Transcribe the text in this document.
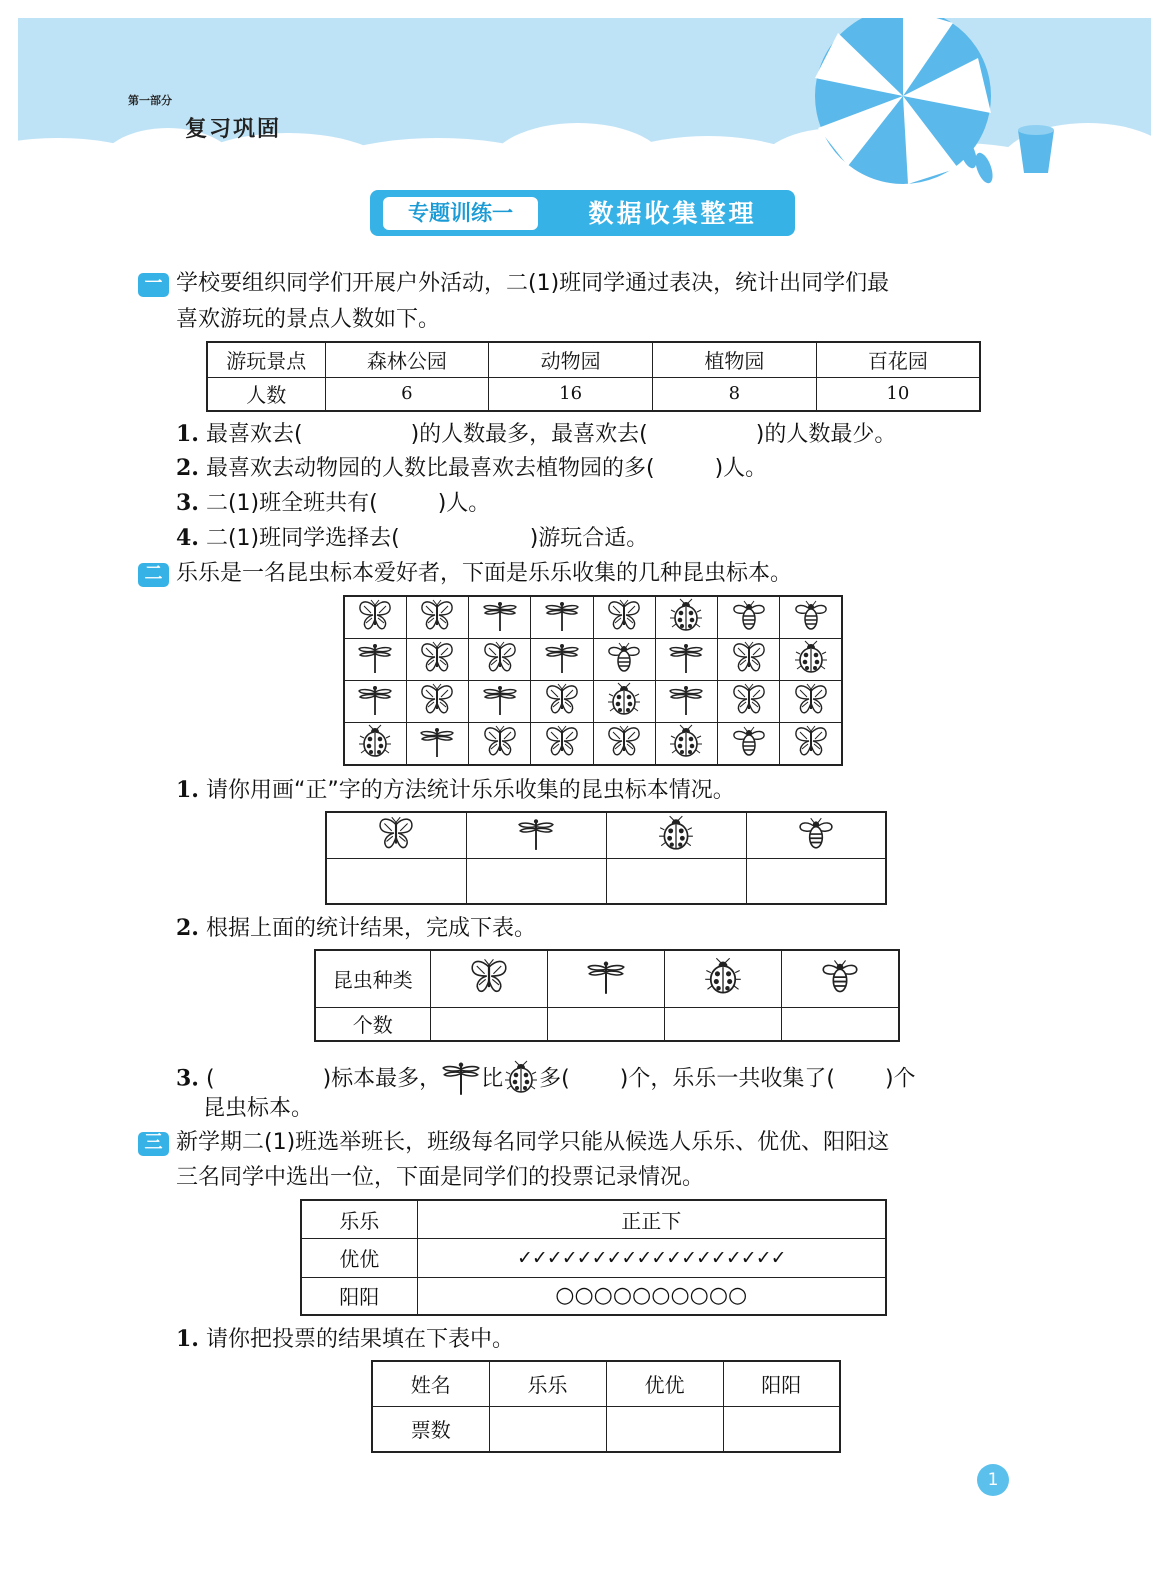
第一部分
复习巩固
专题训练一	数据收集整理
一 学校要组织同学们开展户外活动，二(1)班同学通过表决，统计出同学们最
喜欢游玩的景点人数如下。
游玩景点	森林公园	动物园	植物园	百花园
人数	6	16	8	10
1. 最喜欢去(	)的人数最多，最喜欢去(	)的人数最少。
2. 最喜欢去动物园的人数比最喜欢去植物园的多(	)人。
3. 二(1)班全班共有(	)人。
4. 二(1)班同学选择去(	)游玩合适。
二 乐乐是一名昆虫标本爱好者，下面是乐乐收集的几种昆虫标本。

1. 请你用画“正”字的方法统计乐乐收集的昆虫标本情况。

2. 根据上面的统计结果，完成下表。
昆虫种类				
个数				
3. (	)标本最多， 比 多( )个，乐乐一共收集了( )个
昆虫标本。
三 新学期二(1)班选举班长，班级每名同学只能从候选人乐乐、优优、阳阳这
三名同学中选出一位，下面是同学们的投票记录情况。
乐乐	正正下
优优	✓✓✓✓✓✓✓✓✓✓✓✓✓✓✓✓✓✓
阳阳	○○○○○○○○○○
1. 请你把投票的结果填在下表中。
姓名	乐乐	优优	阳阳
票数			
1
